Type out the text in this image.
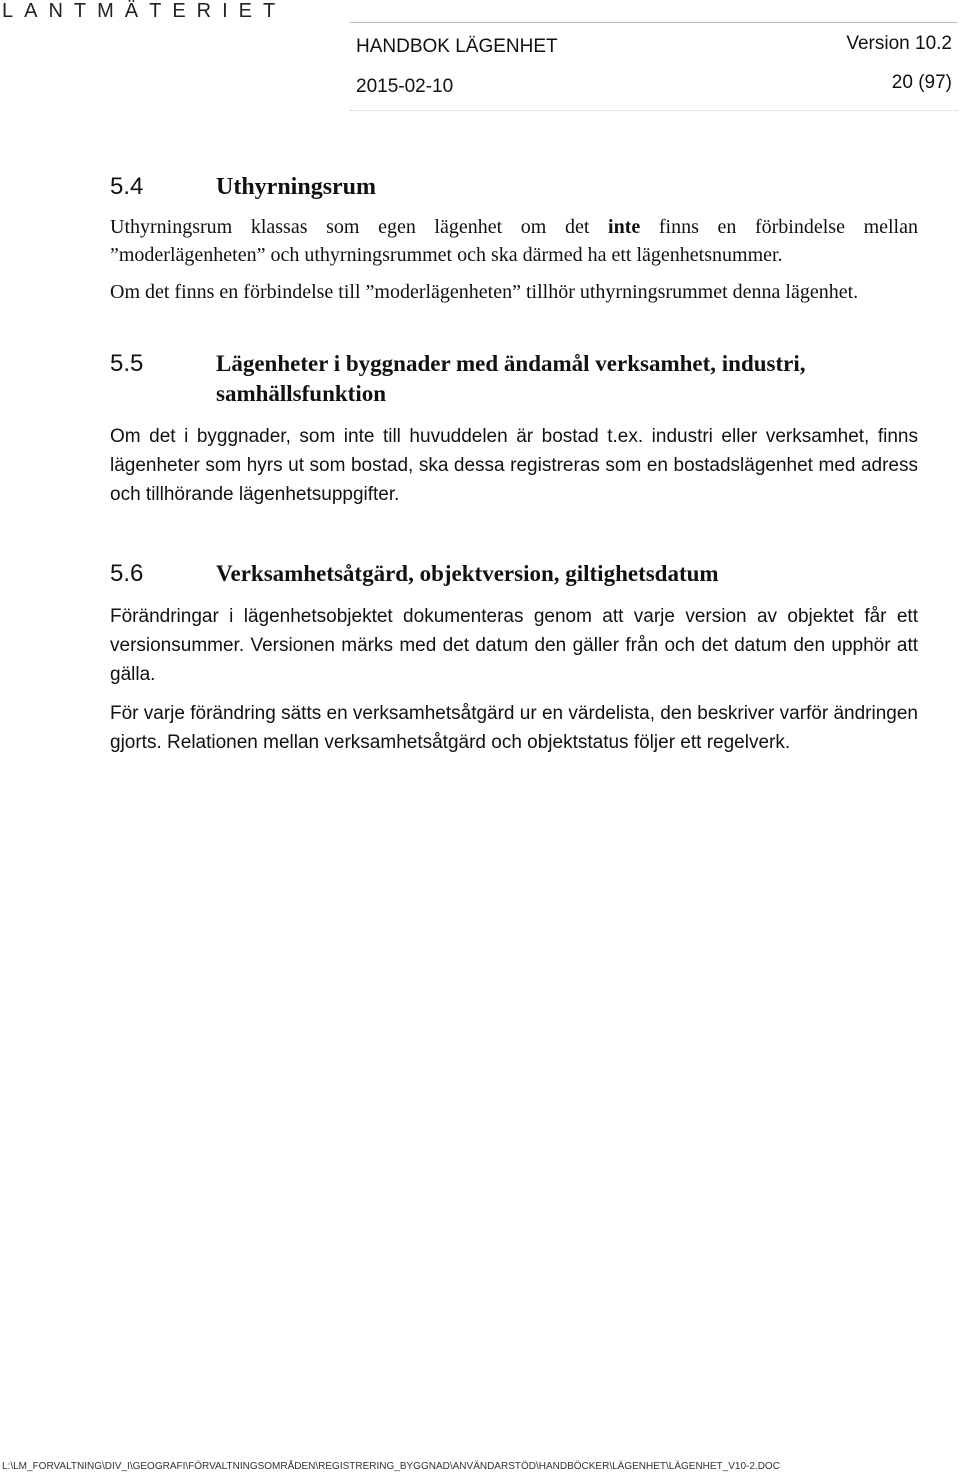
LANTMÄTERIET
HANDBOK LÄGENHET	Version 10.2
2015-02-10	20 (97)
5.4	Uthyrningsrum

Uthyrningsrum klassas som egen lägenhet om det inte finns en förbindelse mellan ”moderlägenheten” och uthyrningsrummet och ska därmed ha ett lägenhetsnummer.

Om det finns en förbindelse till ”moderlägenheten” tillhör uthyrningsrummet denna lägenhet.

5.5	Lägenheter i byggnader med ändamål verksamhet, industri,
samhällsfunktion

Om det i byggnader, som inte till huvuddelen är bostad t.ex. industri eller verksamhet, finns lägenheter som hyrs ut som bostad, ska dessa registreras som en bostadslägenhet med adress och tillhörande lägenhetsuppgifter.

5.6	Verksamhetsåtgärd, objektversion, giltighetsdatum

Förändringar i lägenhetsobjektet dokumenteras genom att varje version av objektet får ett versionsummer. Versionen märks med det datum den gäller från och det datum den upphör att gälla.

För varje förändring sätts en verksamhetsåtgärd ur en värdelista, den beskriver varför ändringen gjorts. Relationen mellan verksamhetsåtgärd och objektstatus följer ett regelverk.

L:\LM_FORVALTNING\DIV_I\GEOGRAFI\FÖRVALTNINGSOMRÅDEN\REGISTRERING_BYGGNAD\ANVÄNDARSTÖD\HANDBÖCKER\LÄGENHET\LÄGENHET_V10-2.DOC
